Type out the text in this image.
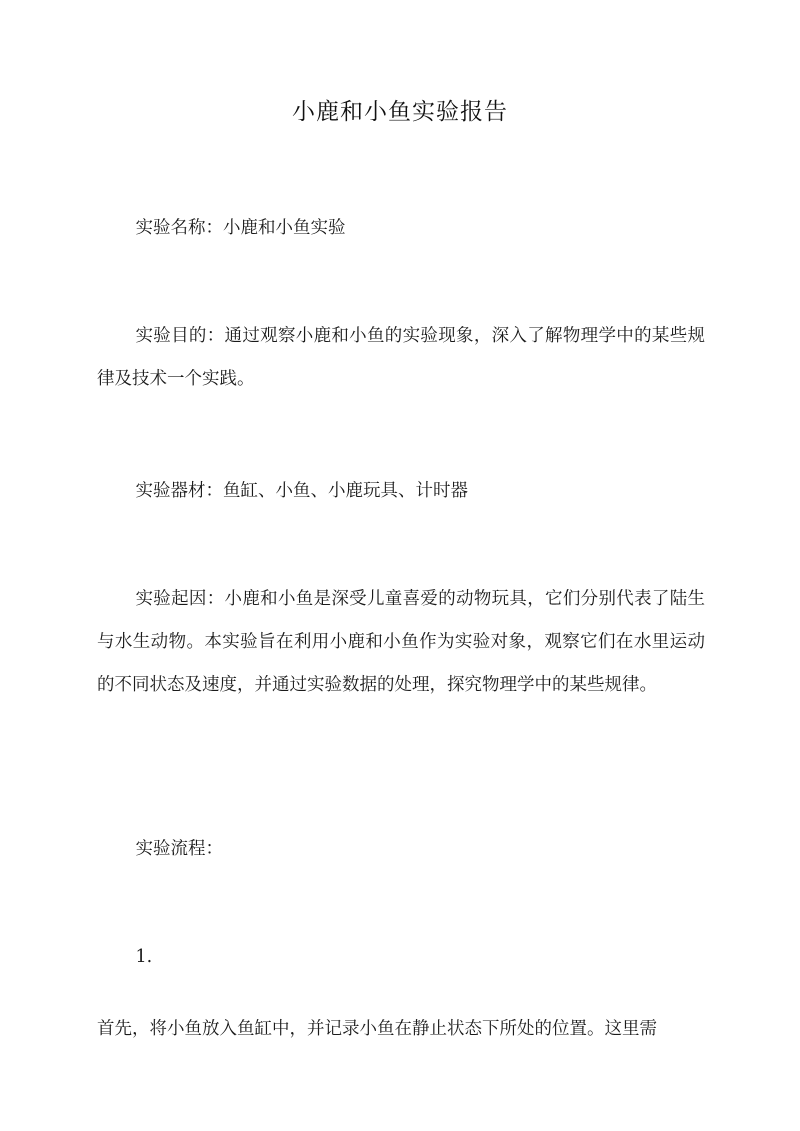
小鹿和小鱼实验报告

实验名称：小鹿和小鱼实验

实验目的：通过观察小鹿和小鱼的实验现象，深入了解物理学中的某些规律及技术一个实践。

实验器材：鱼缸、小鱼、小鹿玩具、计时器

实验起因：小鹿和小鱼是深受儿童喜爱的动物玩具，它们分别代表了陆生与水生动物。本实验旨在利用小鹿和小鱼作为实验对象，观察它们在水里运动的不同状态及速度，并通过实验数据的处理，探究物理学中的某些规律。

实验流程：

1.

首先，将小鱼放入鱼缸中，并记录小鱼在静止状态下所处的位置。这里需
